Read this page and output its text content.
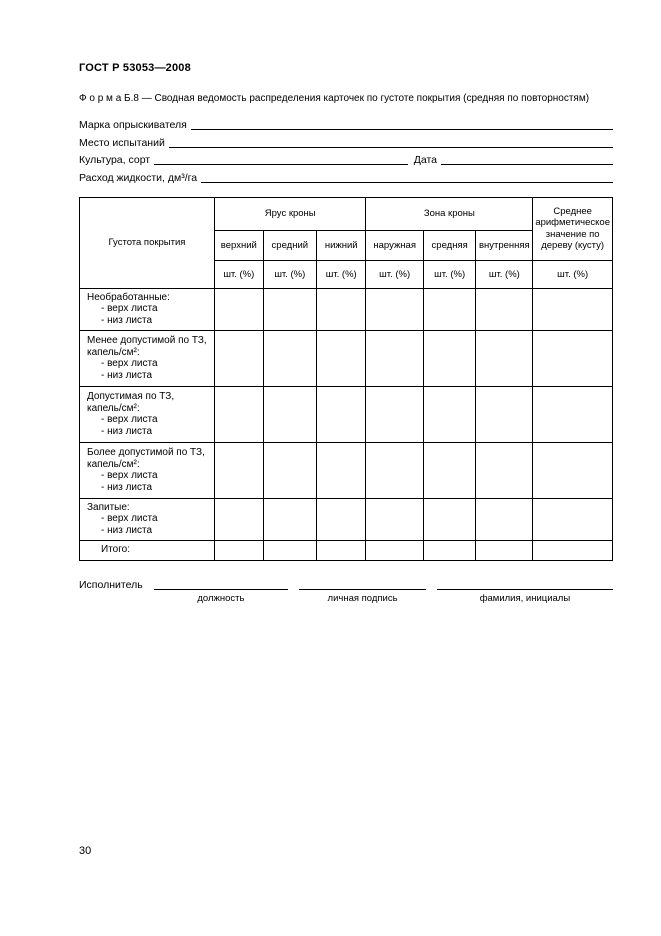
ГОСТ Р 53053—2008
Ф о р м а Б.8 — Сводная ведомость распределения карточек по густоте покрытия (средняя по повторностям)
Марка опрыскивателя
Место испытаний
Культура, сорт	Дата
Расход жидкости, дм³/га
Густота покрытия	Ярус кроны			Зона кроны			Среднее арифметическое значение по дереву (кусту)
	верхний	средний	нижний	наружная	средняя	внутренняя	
	шт. (%)	шт. (%)	шт. (%)	шт. (%)	шт. (%)	шт. (%)	шт. (%)

Необработанные:
- верх листа
- низ листа							

Менее допустимой по ТЗ, капель/см²:
- верх листа
- низ листа							

Допустимая по ТЗ, капель/см²:
- верх листа
- низ листа							

Более допустимой по ТЗ, капель/см²:
- верх листа
- низ листа							

Запитые:
- верх листа
- низ листа							

Итого:							

Исполнитель
должность	личная подпись	фамилия, инициалы
30
